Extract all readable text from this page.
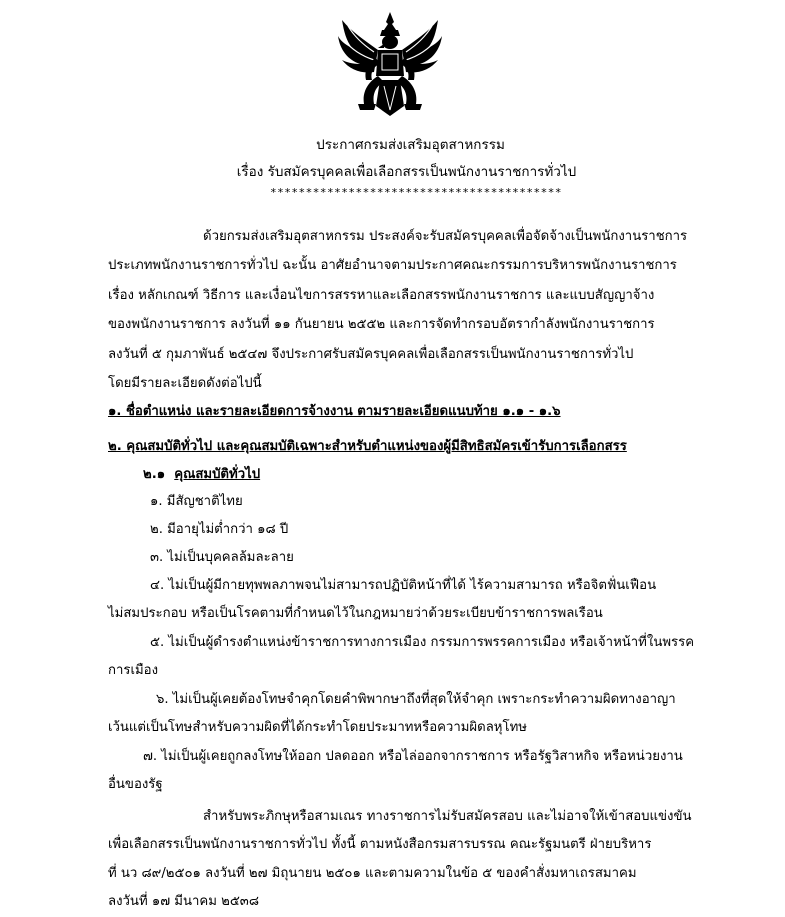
ประกาศกรมส่งเสริมอุตสาหกรรม
เรื่อง รับสมัครบุคคลเพื่อเลือกสรรเป็นพนักงานราชการทั่วไป
*****************************************
ด้วยกรมส่งเสริมอุตสาหกรรม ประสงค์จะรับสมัครบุคคลเพื่อจัดจ้างเป็นพนักงานราชการ
ประเภทพนักงานราชการทั่วไป ฉะนั้น อาศัยอำนาจตามประกาศคณะกรรมการบริหารพนักงานราชการ
เรื่อง หลักเกณฑ์ วิธีการ และเงื่อนไขการสรรหาและเลือกสรรพนักงานราชการ และแบบสัญญาจ้าง
ของพนักงานราชการ ลงวันที่ ๑๑ กันยายน ๒๕๕๒ และการจัดทำกรอบอัตรากำลังพนักงานราชการ
ลงวันที่ ๕ กุมภาพันธ์ ๒๕๔๗ จึงประกาศรับสมัครบุคคลเพื่อเลือกสรรเป็นพนักงานราชการทั่วไป
โดยมีรายละเอียดดังต่อไปนี้
๑. ชื่อตำแหน่ง และรายละเอียดการจ้างงาน ตามรายละเอียดแนบท้าย ๑.๑ - ๑.๖
๒. คุณสมบัติทั่วไป และคุณสมบัติเฉพาะสำหรับตำแหน่งของผู้มีสิทธิสมัครเข้ารับการเลือกสรร
๒.๑ คุณสมบัติทั่วไป
๑. มีสัญชาติไทย
๒. มีอายุไม่ต่ำกว่า ๑๘ ปี
๓. ไม่เป็นบุคคลล้มละลาย
๔. ไม่เป็นผู้มีกายทุพพลภาพจนไม่สามารถปฏิบัติหน้าที่ได้ ไร้ความสามารถ หรือจิตฟั่นเฟือน
ไม่สมประกอบ หรือเป็นโรคตามที่กำหนดไว้ในกฎหมายว่าด้วยระเบียบข้าราชการพลเรือน
๕. ไม่เป็นผู้ดำรงตำแหน่งข้าราชการทางการเมือง กรรมการพรรคการเมือง หรือเจ้าหน้าที่ในพรรค
การเมือง
๖. ไม่เป็นผู้เคยต้องโทษจำคุกโดยคำพิพากษาถึงที่สุดให้จำคุก เพราะกระทำความผิดทางอาญา
เว้นแต่เป็นโทษสำหรับความผิดที่ได้กระทำโดยประมาทหรือความผิดลหุโทษ
๗. ไม่เป็นผู้เคยถูกลงโทษให้ออก ปลดออก หรือไล่ออกจากราชการ หรือรัฐวิสาหกิจ หรือหน่วยงาน
อื่นของรัฐ
สำหรับพระภิกษุหรือสามเณร ทางราชการไม่รับสมัครสอบ และไม่อาจให้เข้าสอบแข่งขัน
เพื่อเลือกสรรเป็นพนักงานราชการทั่วไป ทั้งนี้ ตามหนังสือกรมสารบรรณ คณะรัฐมนตรี ฝ่ายบริหาร
ที่ นว ๘๙/๒๕๐๑ ลงวันที่ ๒๗ มิถุนายน ๒๕๐๑ และตามความในข้อ ๕ ของคำสั่งมหาเถรสมาคม
ลงวันที่ ๑๗ มีนาคม ๒๕๓๘
